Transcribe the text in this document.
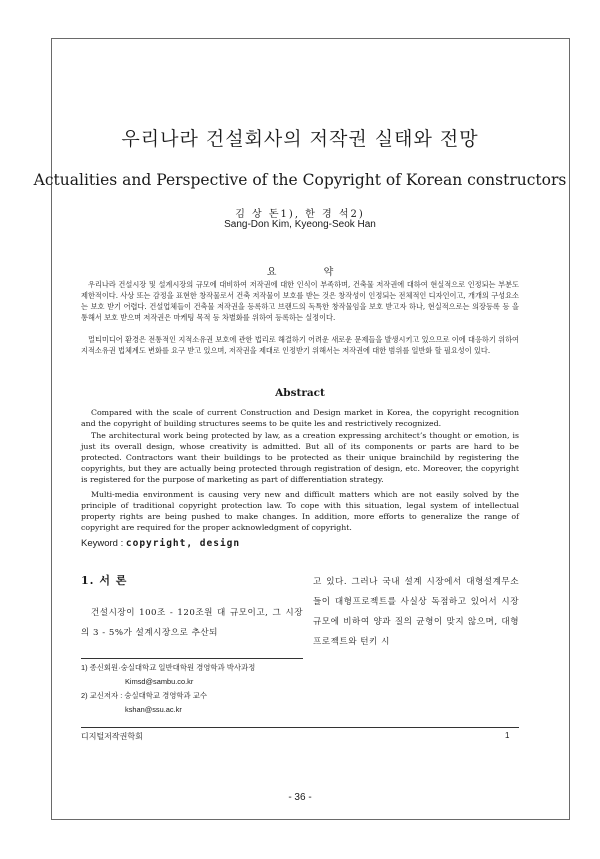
우리나라 건설회사의 저작권 실태와 전망
Actualities and Perspective of the Copyright of Korean constructors
김 상 돈1), 한 경 석2)
Sang-Don Kim, Kyeong-Seok Han
요 약

우리나라 건설시장 및 설계시장의 규모에 대비하여 저작권에 대한 인식이 부족하며, 건축물 저작권에 대하여 현실적으로 인정되는 부분도 제한적이다. 사상 또는 감정을 표현한 창작물로서 건축 저작물이 보호를 받는 것은 창작성이 인정되는 전체적인 디자인이고, 개개의 구성요소는 보호 받기 어렵다. 건설업체들이 건축물 저작권을 등록하고 브랜드의 독특한 창작물임을 보호 받고자 하나, 현실적으로는 의장등록 등 을 통해서 보호 받으며 저작권은 마케팅 목적 등 차별화를 위하여 등록하는 실정이다.

멀티미디어 환경은 전통적인 지적소유권 보호에 관한 법리로 해결하기 어려운 새로운 문제들을 발생시키고 있으므로 이에 대응하기 위하여 지적소유권 법체계도 변화를 요구 받고 있으며, 저작권을 제대로 인정받기 위해서는 저작권에 대한 범위를 일반화 할 필요성이 있다.

Abstract

Compared with the scale of current Construction and Design market in Korea, the copyright recognition and the copyright of building structures seems to be quite les and restrictively recognized.

The architectural work being protected by law, as a creation expressing architect’s thought or emotion, is just its overall design, whose creativity is admitted. But all of its components or parts are hard to be protected. Contractors want their buildings to be protected as their unique brainchild by registering the copyrights, but they are actually being protected through registration of design, etc. Moreover, the copyright is registered for the purpose of marketing as part of differentiation strategy.

Multi-media environment is causing very new and difficult matters which are not easily solved by the principle of traditional copyright protection law. To cope with this situation, legal system of intellectual property rights are being pushed to make changes. In addition, more efforts to generalize the range of copyright are required for the proper acknowledgment of copyright.

Keyword : copyright, design
1. 서 론

건설시장이 100조 - 120조원 대 규모이고, 그 시장의 3 - 5%가 설계시장으로 추산되

고 있다. 그러나 국내 설계 시장에서 대형설계무소들이 대형프로젝트를 사실상 독점하고 있어서 시장규모에 비하여 양과 질의 균형이 맞지 않으며, 대형프로젝트와 턴키 시

1) 종신회원·숭실대학교 일반대학원 경영학과 박사과정
Kimsd@sambu.co.kr
2) 교신저자 : 숭실대학교 경영학과 교수
kshan@ssu.ac.kr
디지털저작권학회	1
- 36 -
